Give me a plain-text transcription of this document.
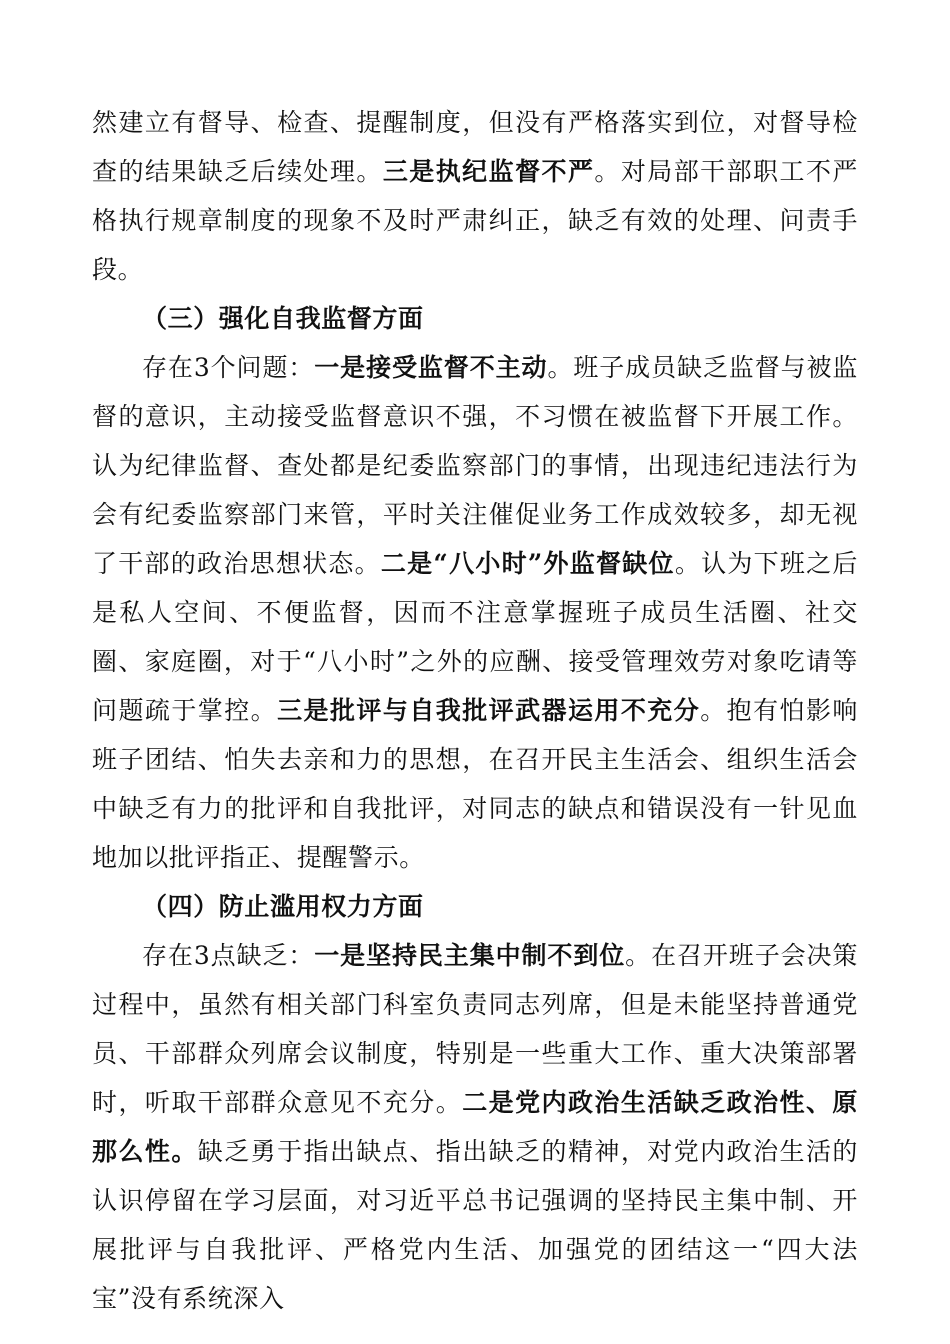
然建立有督导、检查、提醒制度，但没有严格落实到位，对督导检查的结果缺乏后续处理。三是执纪监督不严。对局部干部职工不严格执行规章制度的现象不及时严肃纠正，缺乏有效的处理、问责手段。

（三）强化自我监督方面

存在3个问题：一是接受监督不主动。班子成员缺乏监督与被监督的意识，主动接受监督意识不强，不习惯在被监督下开展工作。认为纪律监督、查处都是纪委监察部门的事情，出现违纪违法行为会有纪委监察部门来管，平时关注催促业务工作成效较多，却无视了干部的政治思想状态。二是“八小时”外监督缺位。认为下班之后是私人空间、不便监督，因而不注意掌握班子成员生活圈、社交圈、家庭圈，对于“八小时”之外的应酬、接受管理效劳对象吃请等问题疏于掌控。三是批评与自我批评武器运用不充分。抱有怕影响班子团结、怕失去亲和力的思想，在召开民主生活会、组织生活会中缺乏有力的批评和自我批评，对同志的缺点和错误没有一针见血地加以批评指正、提醒警示。

（四）防止滥用权力方面

存在3点缺乏：一是坚持民主集中制不到位。在召开班子会决策过程中，虽然有相关部门科室负责同志列席，但是未能坚持普通党员、干部群众列席会议制度，特别是一些重大工作、重大决策部署时，听取干部群众意见不充分。二是党内政治生活缺乏政治性、原那么性。缺乏勇于指出缺点、指出缺乏的精神，对党内政治生活的认识停留在学习层面，对习近平总书记强调的坚持民主集中制、开展批评与自我批评、严格党内生活、加强党的团结这一“四大法宝”没有系统深入
